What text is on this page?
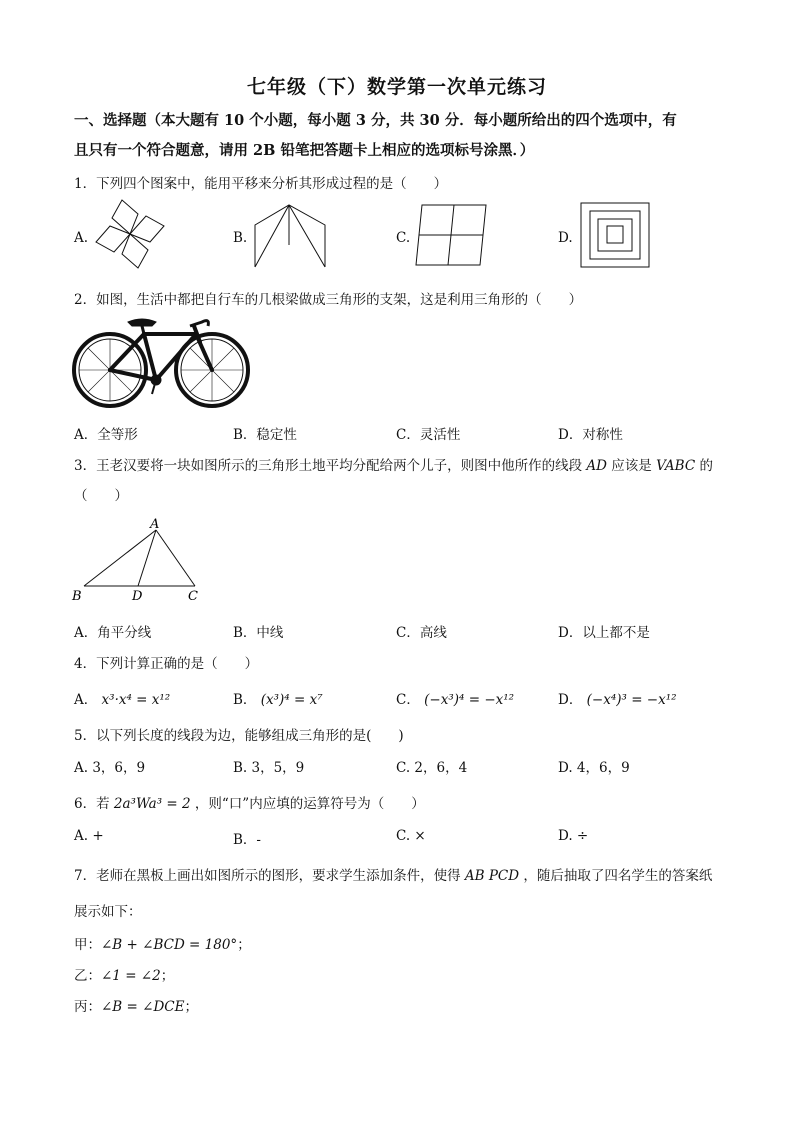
七年级（下）数学第一次单元练习
一、选择题（本大题有 10 个小题，每小题 3 分，共 30 分．每小题所给出的四个选项中，有
且只有一个符合题意，请用 2B 铅笔把答题卡上相应的选项标号涂黑．）
1．下列四个图案中，能用平移来分析其形成过程的是（　　）
A.	B.	C.	D.
2．如图，生活中都把自行车的几根梁做成三角形的支架，这是利用三角形的（　　）
A．全等形	B．稳定性	C．灵活性	D．对称性
3．王老汉要将一块如图所示的三角形土地平均分配给两个儿子，则图中他所作的线段 AD 应该是 VABC 的
（　　）
A
B	D	C
A．角平分线	B．中线	C．高线	D．以上都不是
4．下列计算正确的是（　　）
A． x³·x⁴ = x¹²	B． (x³)⁴ = x⁷	C． (−x³)⁴ = −x¹²	D． (−x⁴)³ = −x¹²
5．以下列长度的线段为边，能够组成三角形的是(　　)
A. 3，6，9	B. 3，5，9	C. 2，6，4	D. 4，6，9
6．若 2a³Wa³ = 2 ，则“口”内应填的运算符号为（　　）
A. +	B．-	C. ×	D. ÷
7．老师在黑板上画出如图所示的图形，要求学生添加条件，使得 AB PCD ，随后抽取了四名学生的答案纸
展示如下：
甲：∠B + ∠BCD = 180°；
乙：∠1 = ∠2；
丙：∠B = ∠DCE；
